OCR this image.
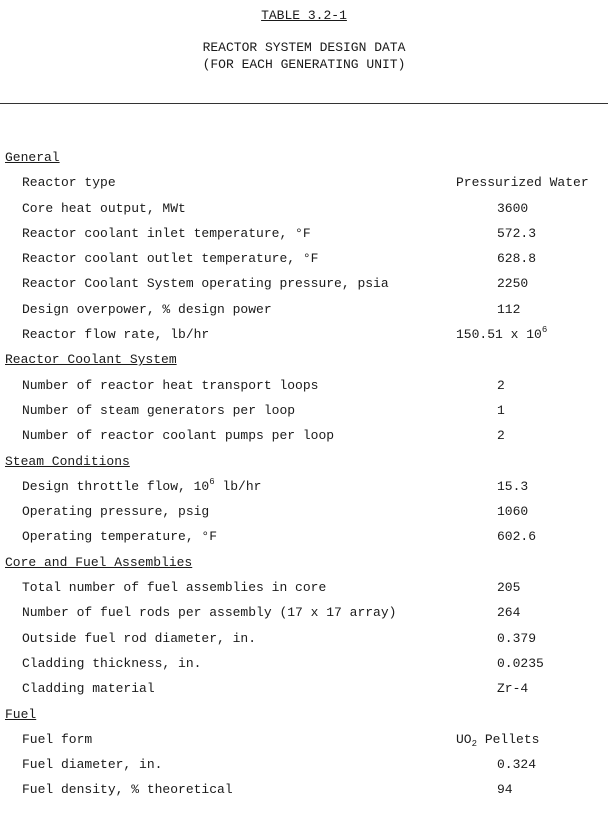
TABLE 3.2-1
REACTOR SYSTEM DESIGN DATA
(FOR EACH GENERATING UNIT)
General
Reactor type	Pressurized Water
Core heat output, MWt	3600
Reactor coolant inlet temperature, °F	572.3
Reactor coolant outlet temperature, °F	628.8
Reactor Coolant System operating pressure, psia	2250
Design overpower, % design power	112
Reactor flow rate, lb/hr	150.51 x $10^6$
Reactor Coolant System
Number of reactor heat transport loops	2
Number of steam generators per loop	1
Number of reactor coolant pumps per loop	2
Steam Conditions
Design throttle flow, $10^6$ lb/hr	15.3
Operating pressure, psig	1060
Operating temperature, °F	602.6
Core and Fuel Assemblies
Total number of fuel assemblies in core	205
Number of fuel rods per assembly (17 x 17 array)	264
Outside fuel rod diameter, in.	0.379
Cladding thickness, in.	0.0235
Cladding material	Zr-4
Fuel
Fuel form	$UO_2$ Pellets
Fuel diameter, in.	0.324
Fuel density, % theoretical	94
